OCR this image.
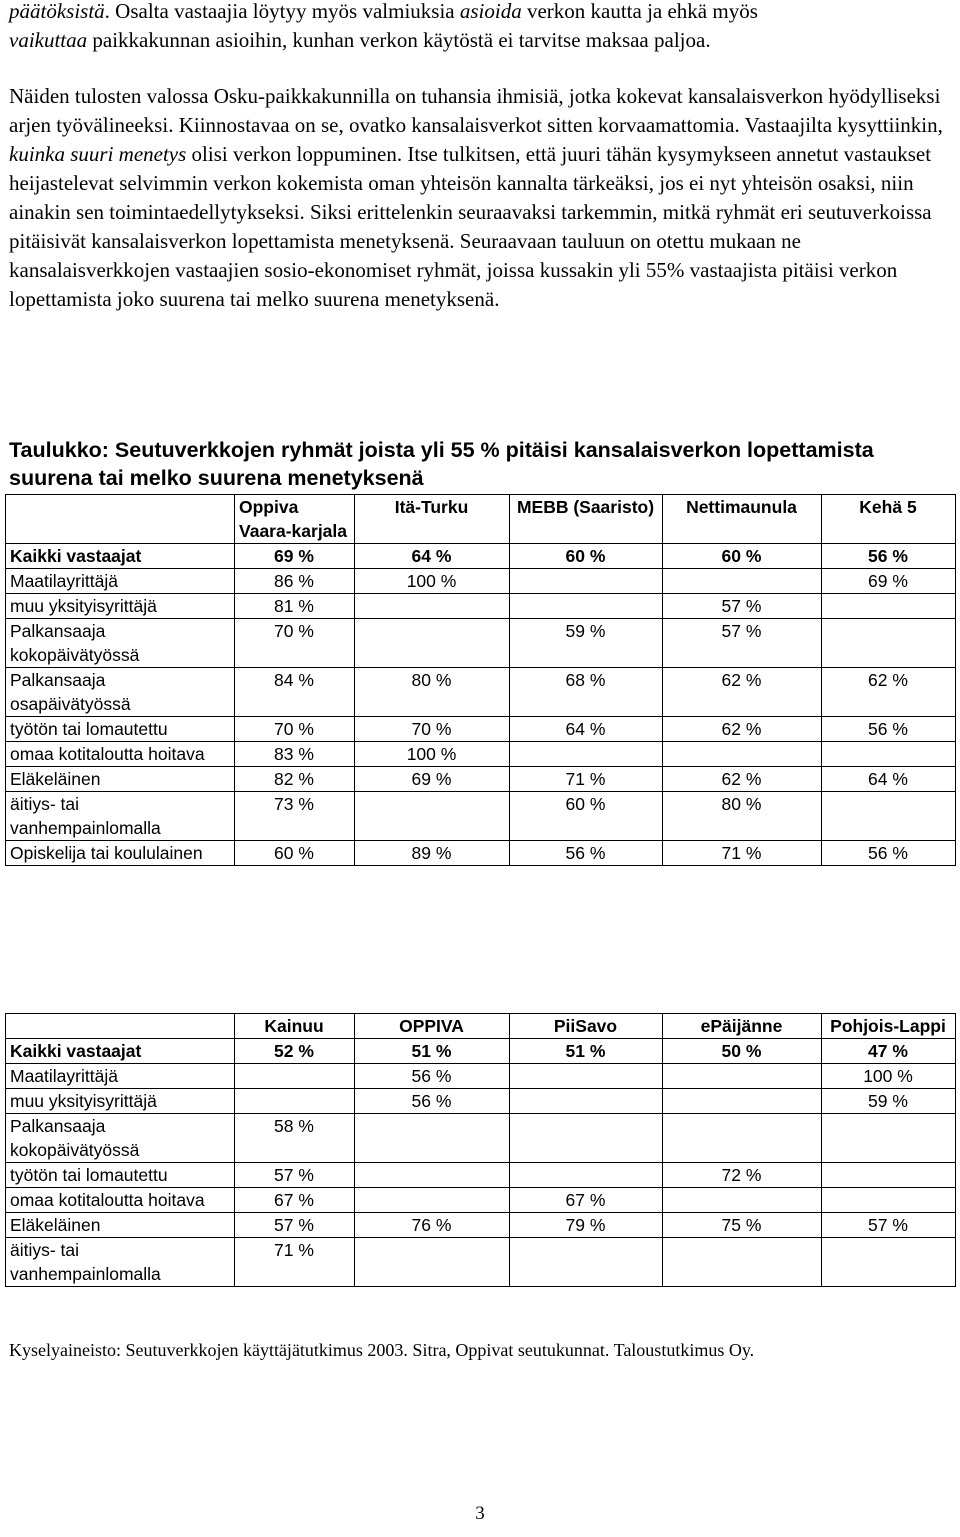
päätöksistä. Osalta vastaajia löytyy myös valmiuksia asioida verkon kautta ja ehkä myös
vaikuttaa paikkakunnan asioihin, kunhan verkon käytöstä ei tarvitse maksaa paljoa.

Näiden tulosten valossa Osku-paikkakunnilla on tuhansia ihmisiä, jotka kokevat kansalaisverkon hyödylliseksi arjen työvälineeksi. Kiinnostavaa on se, ovatko kansalaisverkot sitten korvaamattomia. Vastaajilta kysyttiinkin, kuinka suuri menetys olisi verkon loppuminen. Itse tulkitsen, että juuri tähän kysymykseen annetut vastaukset heijastelevat selvimmin verkon kokemista oman yhteisön kannalta tärkeäksi, jos ei nyt yhteisön osaksi, niin ainakin sen toimintaedellytykseksi. Siksi erittelenkin seuraavaksi tarkemmin, mitkä ryhmät eri seutuverkoissa pitäisivät kansalaisverkon lopettamista menetyksenä. Seuraavaan tauluun on otettu mukaan ne kansalaisverkkojen vastaajien sosio-ekonomiset ryhmät, joissa kussakin yli 55% vastaajista pitäisi verkon lopettamista joko suurena tai melko suurena menetyksenä.

Taulukko: Seutuverkkojen ryhmät joista yli 55 % pitäisi kansalaisverkon lopettamista suurena tai melko suurena menetyksenä

	Oppiva Vaara-karjala	Itä-Turku	MEBB (Saaristo)	Nettimaunula	Kehä 5
Kaikki vastaajat	69 %	64 %	60 %	60 %	56 %
Maatilayrittäjä	86 %	100 %			69 %
muu yksityisyrittäjä	81 %			57 %	
Palkansaaja kokopäivätyössä	70 %		59 %	57 %	
Palkansaaja osapäivätyössä	84 %	80 %	68 %	62 %	62 %
työtön tai lomautettu	70 %	70 %	64 %	62 %	56 %
omaa kotitaloutta hoitava	83 %	100 %			
Eläkeläinen	82 %	69 %	71 %	62 %	64 %
äitiys- tai vanhempainlomalla	73 %		60 %	80 %	
Opiskelija tai koululainen	60 %	89 %	56 %	71 %	56 %
	Kainuu	OPPIVA	PiiSavo	ePäijänne	Pohjois-Lappi
Kaikki vastaajat	52 %	51 %	51 %	50 %	47 %
Maatilayrittäjä		56 %			100 %
muu yksityisyrittäjä		56 %			59 %
Palkansaaja kokopäivätyössä	58 %				
työtön tai lomautettu	57 %			72 %	
omaa kotitaloutta hoitava	67 %		67 %		
Eläkeläinen	57 %	76 %	79 %	75 %	57 %
äitiys- tai vanhempainlomalla	71 %				

Kyselyaineisto: Seutuverkkojen käyttäjätutkimus 2003. Sitra, Oppivat seutukunnat. Taloustutkimus Oy.

3
